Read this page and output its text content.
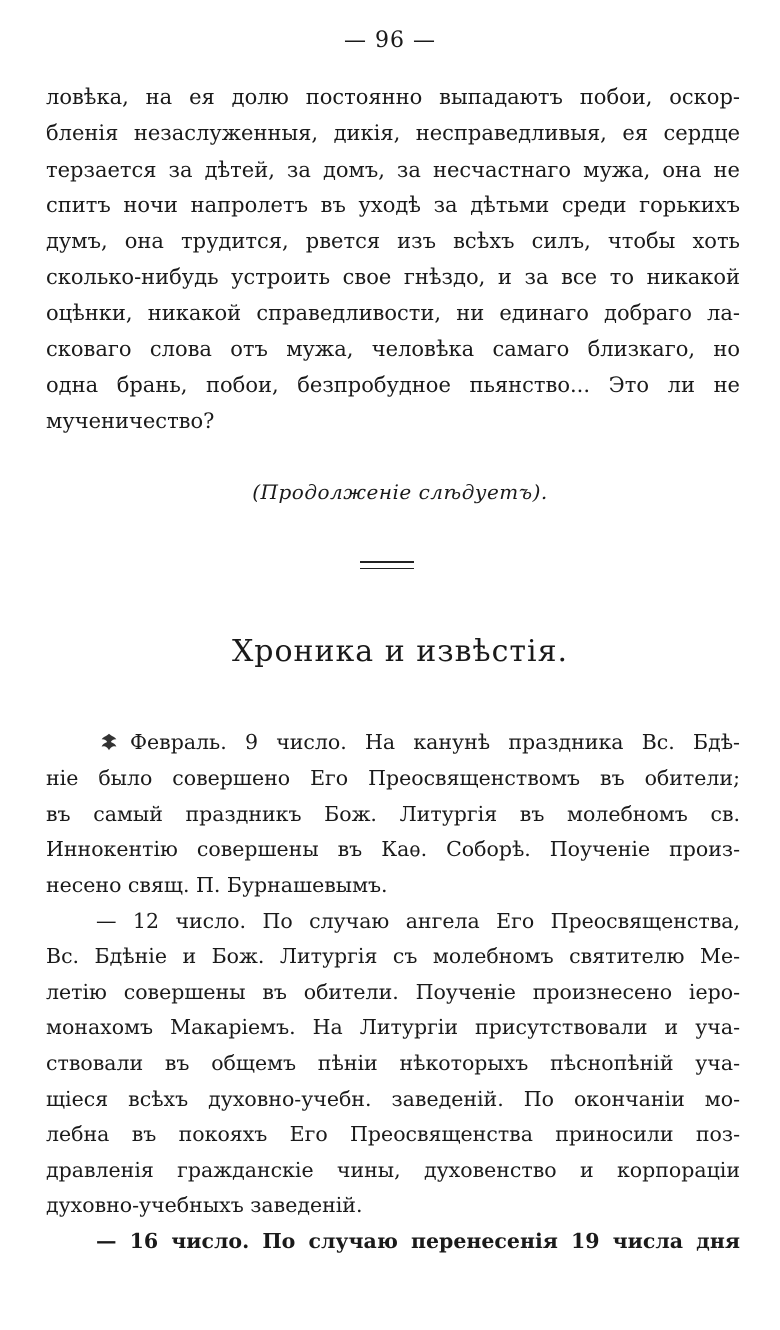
— 96 —
ловѣка, на ея долю постоянно выпадаютъ побои, оскор-
бленія незаслуженныя, дикія, несправедливыя, ея сердце
терзается за дѣтей, за домъ, за несчастнаго мужа, она не
спитъ ночи напролетъ въ уходѣ за дѣтьми среди горькихъ
думъ, она трудится, рвется изъ всѣхъ силъ, чтобы хоть
сколько-нибудь устроить свое гнѣздо, и за все то никакой
оцѣнки, никакой справедливости, ни единаго добраго ла-
сковаго слова отъ мужа, человѣка самаго близкаго, но
одна брань, побои, безпробудное пьянство... Это ли не
мученичество?
(Продолженіе слѣдуетъ).
Хроника и извѣстія.
Февраль. 9 число. На канунѣ праздника Вс. Бдѣ-
ніе было совершено Его Преосвященствомъ въ обители;
въ самый праздникъ Бож. Литургія въ молебномъ св.
Иннокентію совершены въ Каѳ. Соборѣ. Поученіе произ-
несено свящ. П. Бурнашевымъ.
— 12 число. По случаю ангела Его Преосвященства,
Вс. Бдѣніе и Бож. Литургія съ молебномъ святителю Ме-
летію совершены въ обители. Поученіе произнесено іеро-
монахомъ Макаріемъ. На Литургіи присутствовали и уча-
ствовали въ общемъ пѣніи нѣкоторыхъ пѣснопѣній уча-
щіеся всѣхъ духовно-учебн. заведеній. По окончаніи мо-
лебна въ покояхъ Его Преосвященства приносили поз-
дравленія гражданскіе чины, духовенство и корпораціи
духовно-учебныхъ заведеній.
— 16 число. По случаю перенесенія 19 числа дня
